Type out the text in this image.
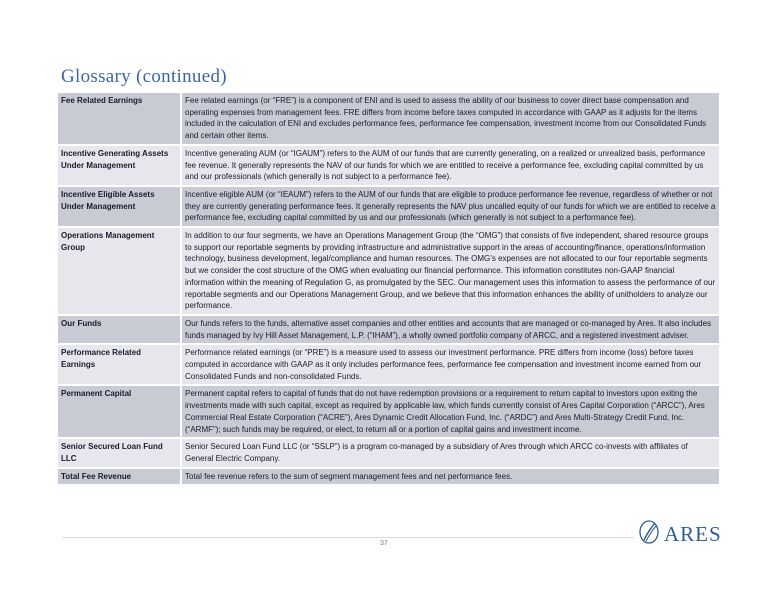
Glossary (continued)
Fee Related Earnings	Fee related earnings (or “FRE”) is a component of ENI and is used to assess the ability of our business to cover direct base compensation and operating expenses from management fees. FRE differs from income before taxes computed in accordance with GAAP as it adjusts for the items included in the calculation of ENI and excludes performance fees, performance fee compensation, investment income from our Consolidated Funds and certain other items.
Incentive Generating Assets Under Management	Incentive generating AUM (or “IGAUM”) refers to the AUM of our funds that are currently generating, on a realized or unrealized basis, performance fee revenue. It generally represents the NAV of our funds for which we are entitled to receive a performance fee, excluding capital committed by us and our professionals (which generally is not subject to a performance fee).
Incentive Eligible Assets Under Management	Incentive eligible AUM (or “IEAUM”) refers to the AUM of our funds that are eligible to produce performance fee revenue, regardless of whether or not they are currently generating performance fees. It generally represents the NAV plus uncalled equity of our funds for which we are entitled to receive a performance fee, excluding capital committed by us and our professionals (which generally is not subject to a performance fee).
Operations Management Group	In addition to our four segments, we have an Operations Management Group (the “OMG”) that consists of five independent, shared resource groups to support our reportable segments by providing infrastructure and administrative support in the areas of accounting/finance, operations/information technology, business development, legal/compliance and human resources. The OMG’s expenses are not allocated to our four reportable segments but we consider the cost structure of the OMG when evaluating our financial performance. This information constitutes non-GAAP financial information within the meaning of Regulation G, as promulgated by the SEC. Our management uses this information to assess the performance of our reportable segments and our Operations Management Group, and we believe that this information enhances the ability of unitholders to analyze our performance.
Our Funds	Our funds refers to the funds, alternative asset companies and other entities and accounts that are managed or co-managed by Ares. It also includes funds managed by Ivy Hill Asset Management, L.P. (“IHAM”), a wholly owned portfolio company of ARCC, and a registered investment adviser.
Performance Related Earnings	Performance related earnings (or “PRE”) is a measure used to assess our investment performance. PRE differs from income (loss) before taxes computed in accordance with GAAP as it only includes performance fees, performance fee compensation and investment income earned from our Consolidated Funds and non-consolidated Funds.
Permanent Capital	Permanent capital refers to capital of funds that do not have redemption provisions or a requirement to return capital to investors upon exiting the investments made with such capital, except as required by applicable law, which funds currently consist of Ares Capital Corporation (“ARCC”), Ares Commercial Real Estate Corporation (“ACRE”), Ares Dynamic Credit Allocation Fund, Inc. (“ARDC”) and Ares Multi-Strategy Credit Fund, Inc. (“ARMF”); such funds may be required, or elect, to return all or a portion of capital gains and investment income.
Senior Secured Loan Fund LLC	Senior Secured Loan Fund LLC (or “SSLP”) is a program co-managed by a subsidiary of Ares through which ARCC co-invests with affiliates of General Electric Company.
Total Fee Revenue	Total fee revenue refers to the sum of segment management fees and net performance fees.
37	ARES
